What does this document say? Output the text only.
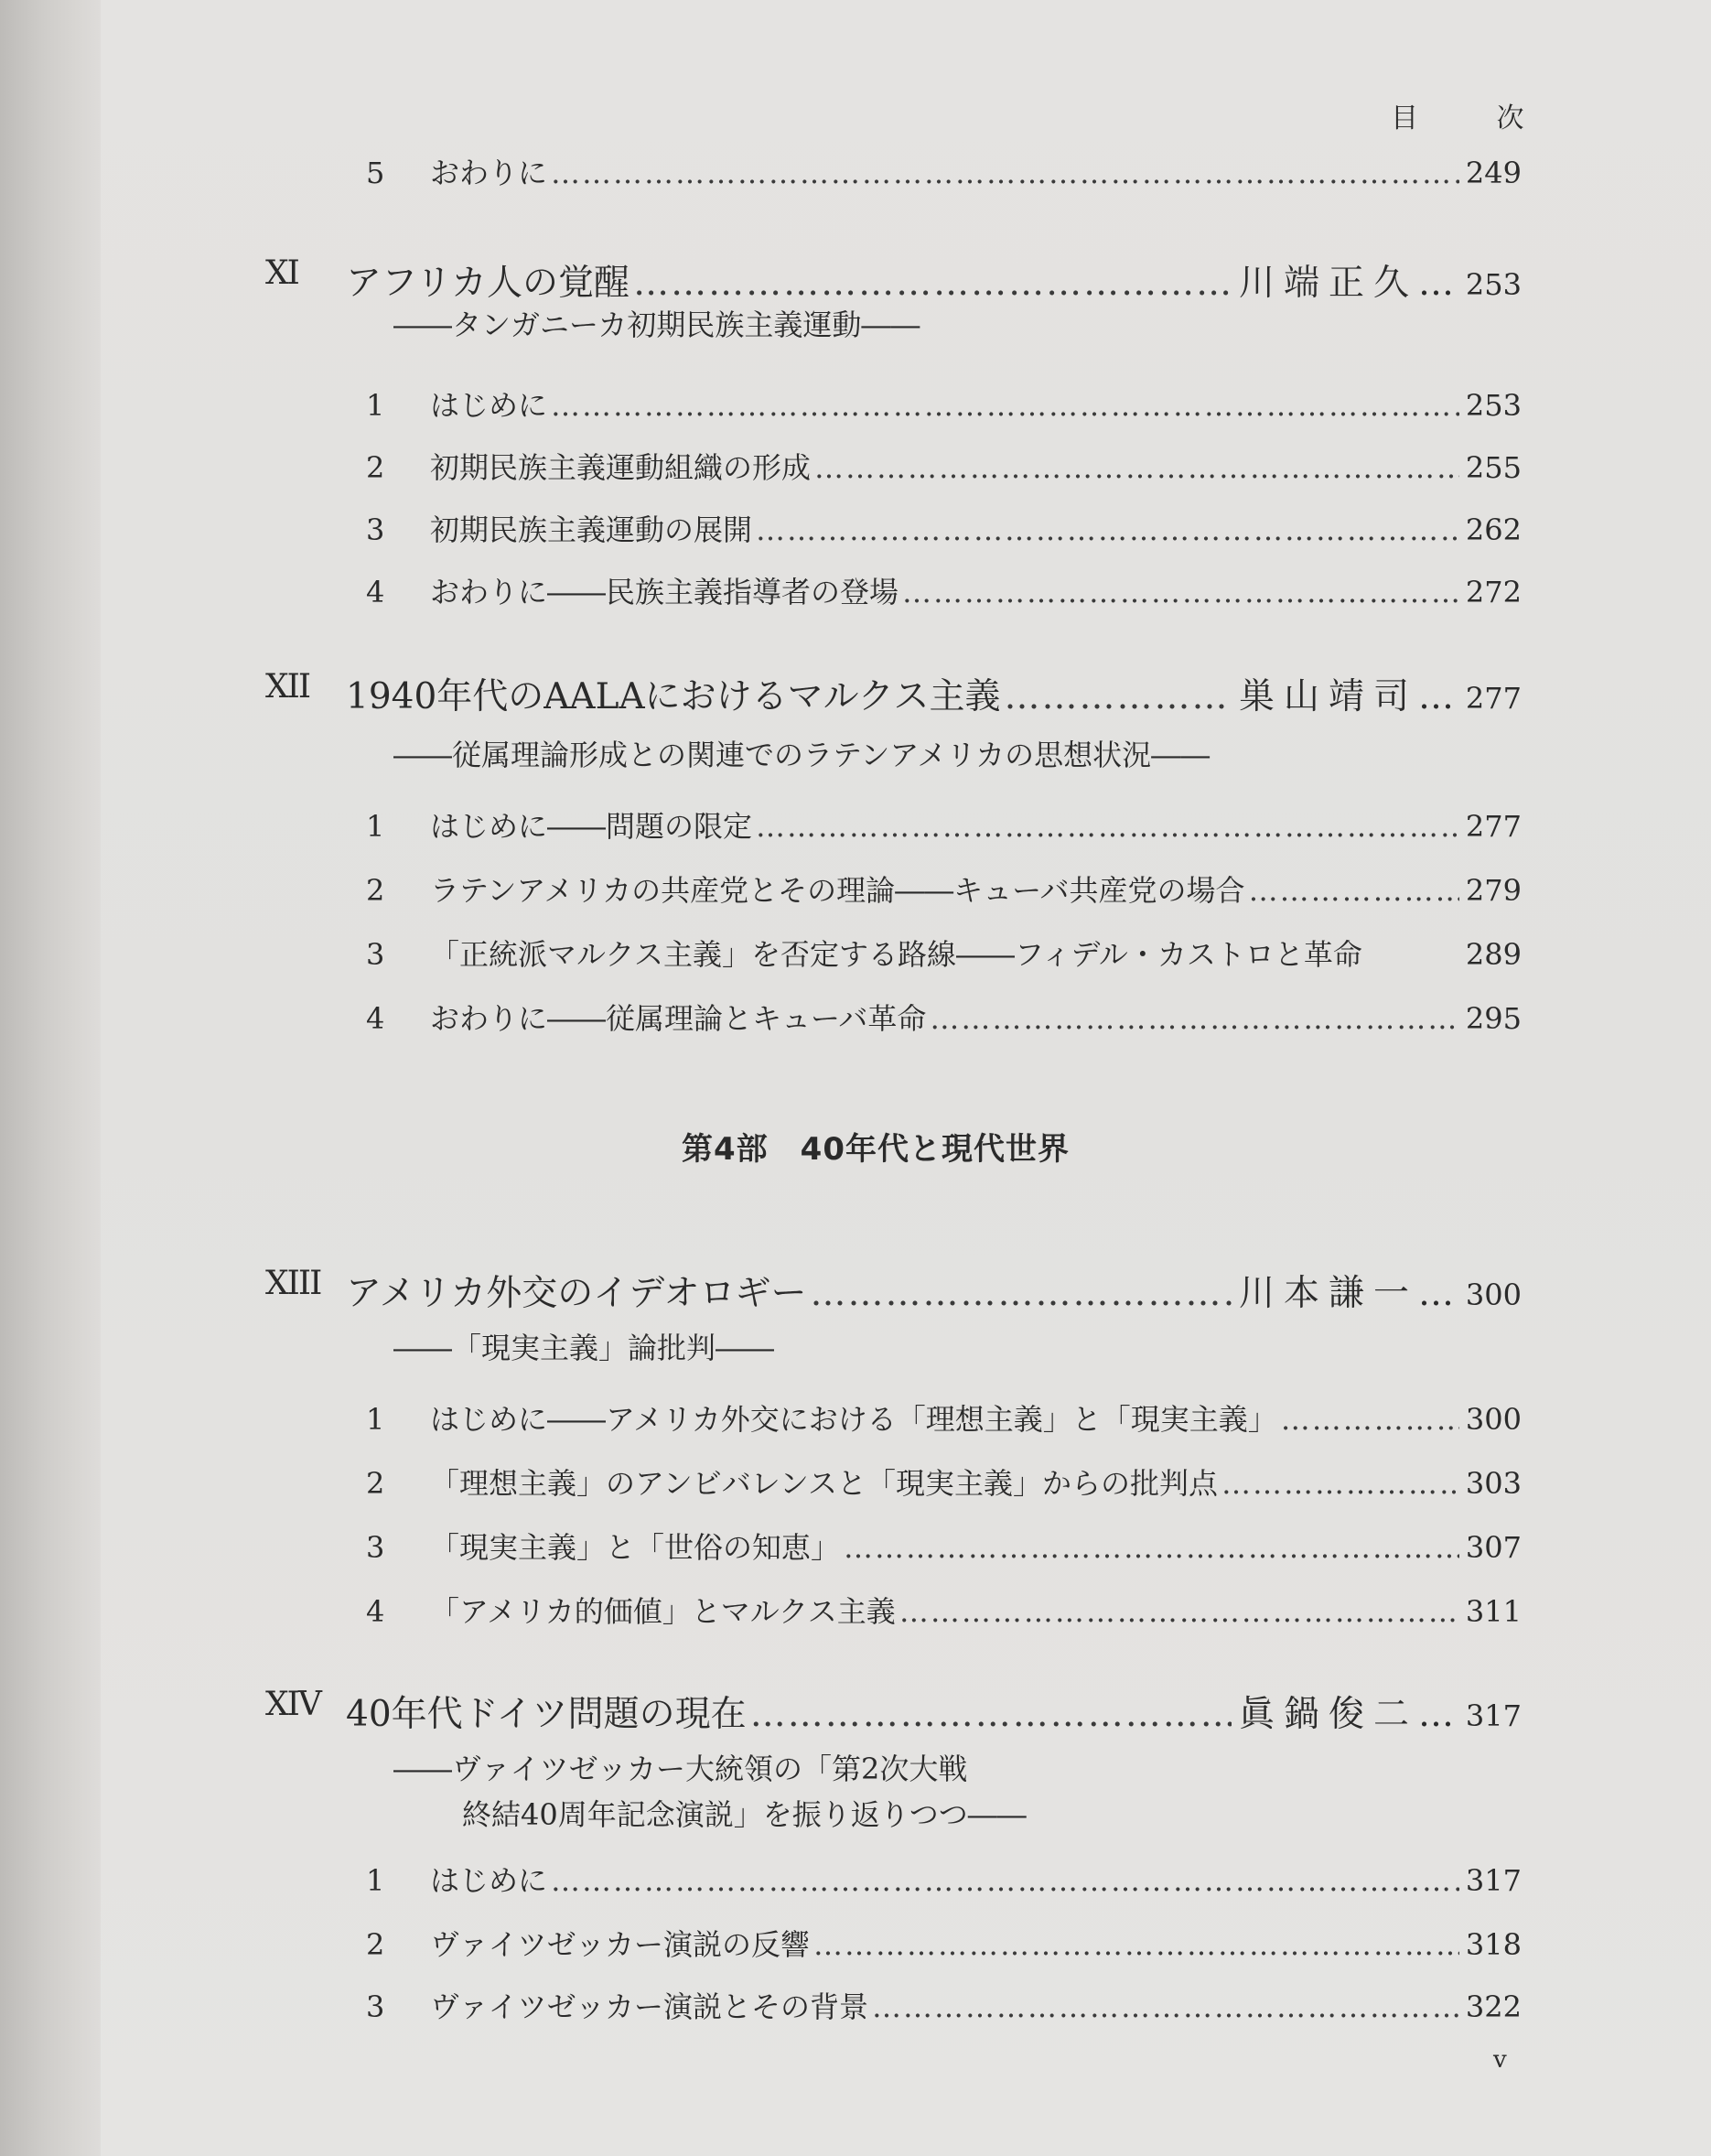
目 次
5	おわりに ……………………………………………………………………………………………………………………………………………………………………………………………………………………	249
XI アフリカ人の覚醒 ……………………………………………………………………………………………………………………………………………………………………………………………………………………	川端正久 … 253
――タンガニーカ初期民族主義運動――
1	はじめに ……………………………………………………………………………………………………………………………………………………………………………………………………………………	253
2	初期民族主義運動組織の形成 ……………………………………………………………………………………………………………………………………………………………………………………………………………………	255
3	初期民族主義運動の展開 ……………………………………………………………………………………………………………………………………………………………………………………………………………………	262
4	おわりに――民族主義指導者の登場 ……………………………………………………………………………………………………………………………………………………………………………………………………………………	272
XII 1940年代のAALAにおけるマルクス主義 ……………………………………………………………………………………………………………………………………………………………………………………………………………………	巣山靖司 … 277
――従属理論形成との関連でのラテンアメリカの思想状況――
1	はじめに――問題の限定 ……………………………………………………………………………………………………………………………………………………………………………………………………………………	277
2	ラテンアメリカの共産党とその理論――キューバ共産党の場合 ……………………………………………………………………………………………………………………………………………………………………………………………………………………	279
3	「正統派マルクス主義」を否定する路線――フィデル・カストロと革命	289
4	おわりに――従属理論とキューバ革命 ……………………………………………………………………………………………………………………………………………………………………………………………………………………	295
第4部　40年代と現代世界
XIII アメリカ外交のイデオロギー ……………………………………………………………………………………………………………………………………………………………………………………………………………………	川本謙一 … 300
――「現実主義」論批判――
1	はじめに――アメリカ外交における「理想主義」と「現実主義」 ……………………………………………………………………………………………………………………………………………………………………………………………………………………	300
2	「理想主義」のアンビバレンスと「現実主義」からの批判点 ……………………………………………………………………………………………………………………………………………………………………………………………………………………	303
3	「現実主義」と「世俗の知恵」 ……………………………………………………………………………………………………………………………………………………………………………………………………………………	307
4	「アメリカ的価値」とマルクス主義 ……………………………………………………………………………………………………………………………………………………………………………………………………………………	311
XIV 40年代ドイツ問題の現在 ……………………………………………………………………………………………………………………………………………………………………………………………………………………	眞鍋俊二 … 317
――ヴァイツゼッカー大統領の「第2次大戦
終結40周年記念演説」を振り返りつつ――
1	はじめに ……………………………………………………………………………………………………………………………………………………………………………………………………………………	317
2	ヴァイツゼッカー演説の反響 ……………………………………………………………………………………………………………………………………………………………………………………………………………………	318
3	ヴァイツゼッカー演説とその背景 ……………………………………………………………………………………………………………………………………………………………………………………………………………………	322
v
